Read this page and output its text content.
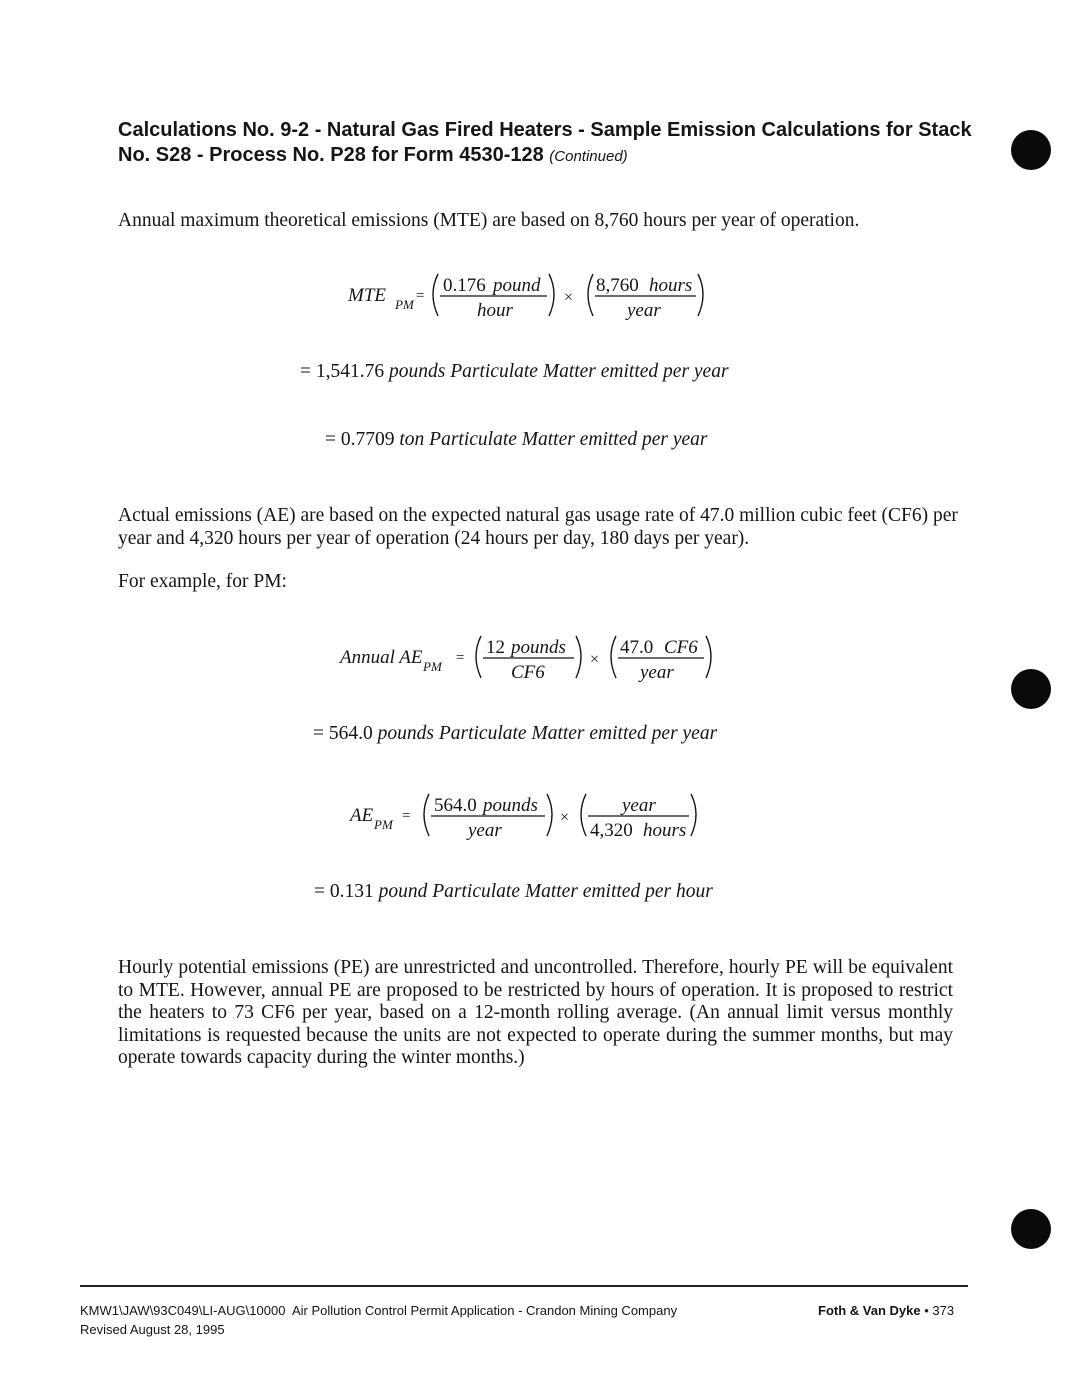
Calculations No. 9-2 - Natural Gas Fired Heaters - Sample Emission Calculations for Stack No. S28 - Process No. P28 for Form 4530-128 (Continued)
Annual maximum theoretical emissions (MTE) are based on 8,760 hours per year of operation.
MTE PM
= 0.176 pound
hour
×
8,760 hours
year
= 1,541.76 pounds Particulate Matter emitted per year
= 0.7709 ton Particulate Matter emitted per year
Actual emissions (AE) are based on the expected natural gas usage rate of 47.0 million cubic feet (CF6) per year and 4,320 hours per year of operation (24 hours per day, 180 days per year).
For example, for PM:
Annual AE PM
= 12 pounds
CF6
×
47.0 CF6
year
= 564.0 pounds Particulate Matter emitted per year
AE PM
= 564.0 pounds
year
×
year
4,320 hours
= 0.131 pound Particulate Matter emitted per hour
Hourly potential emissions (PE) are unrestricted and uncontrolled. Therefore, hourly PE will be equivalent to MTE. However, annual PE are proposed to be restricted by hours of operation. It is proposed to restrict the heaters to 73 CF6 per year, based on a 12-month rolling average. (An annual limit versus monthly limitations is requested because the units are not expected to operate during the summer months, but may operate towards capacity during the winter months.)
KMW1\JAW\93C049\LI-AUG\10000  Air Pollution Control Permit Application - Crandon Mining Company
Revised August 28, 1995
Foth & Van Dyke • 373
